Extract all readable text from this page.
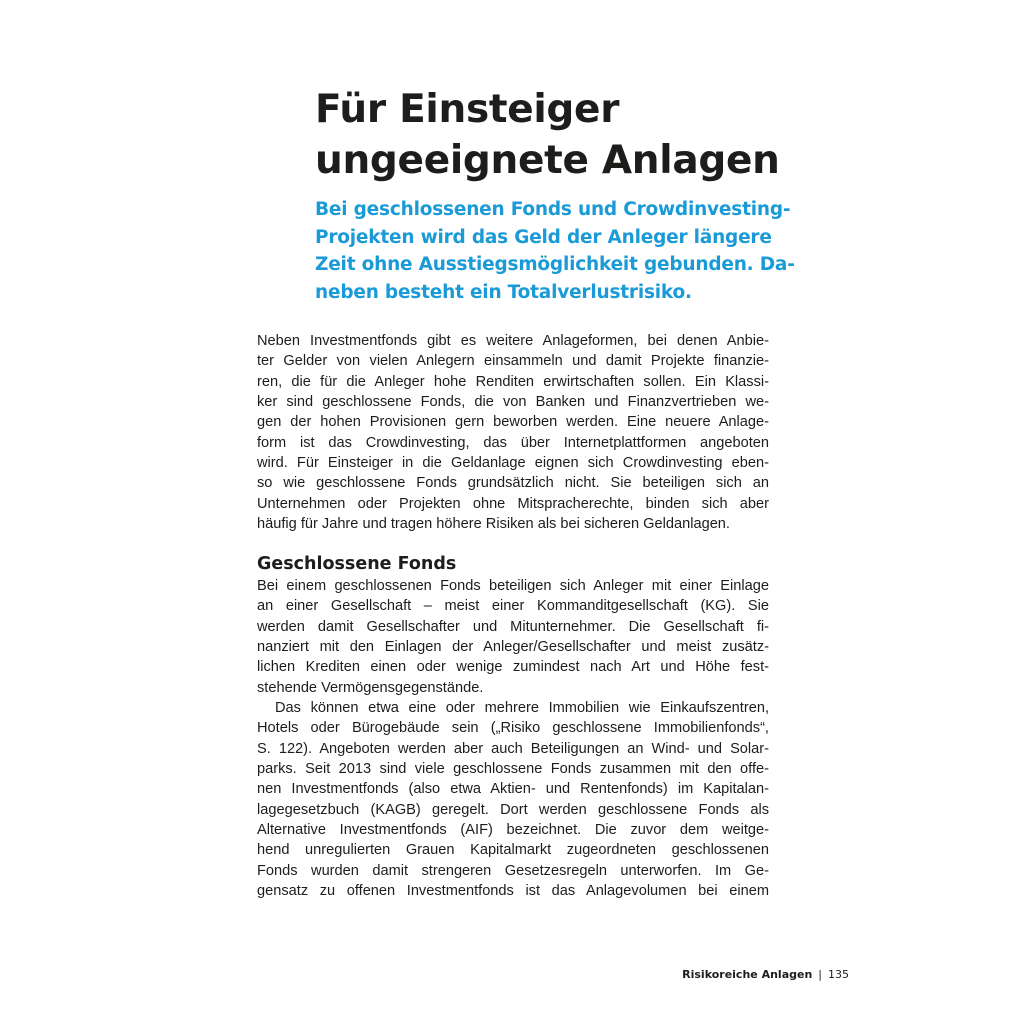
Für Einsteiger
ungeeignete Anlagen

Bei geschlossenen Fonds und Crowdinvesting-
Projekten wird das Geld der Anleger längere
Zeit ohne Ausstiegsmöglichkeit gebunden. Da-
neben besteht ein Totalverlustrisiko.

Neben Investmentfonds gibt es weitere Anlageformen, bei denen Anbie-
ter Gelder von vielen Anlegern einsammeln und damit Projekte finanzie-
ren, die für die Anleger hohe Renditen erwirtschaften sollen. Ein Klassi-
ker sind geschlossene Fonds, die von Banken und Finanzvertrieben we-
gen der hohen Provisionen gern beworben werden. Eine neuere Anlage-
form ist das Crowdinvesting, das über Internetplattformen angeboten
wird. Für Einsteiger in die Geldanlage eignen sich Crowdinvesting eben-
so wie geschlossene Fonds grundsätzlich nicht. Sie beteiligen sich an
Unternehmen oder Projekten ohne Mitspracherechte, binden sich aber
häufig für Jahre und tragen höhere Risiken als bei sicheren Geldanlagen.

Geschlossene Fonds

Bei einem geschlossenen Fonds beteiligen sich Anleger mit einer Einlage
an einer Gesellschaft – meist einer Kommanditgesellschaft (KG). Sie
werden damit Gesellschafter und Mitunternehmer. Die Gesellschaft fi-
nanziert mit den Einlagen der Anleger/Gesellschafter und meist zusätz-
lichen Krediten einen oder wenige zumindest nach Art und Höhe fest-
stehende Vermögensgegenstände.
Das können etwa eine oder mehrere Immobilien wie Einkaufszentren,
Hotels oder Bürogebäude sein („Risiko geschlossene Immobilienfonds“,
S. 122). Angeboten werden aber auch Beteiligungen an Wind- und Solar-
parks. Seit 2013 sind viele geschlossene Fonds zusammen mit den offe-
nen Investmentfonds (also etwa Aktien- und Rentenfonds) im Kapitalan-
lagegesetzbuch (KAGB) geregelt. Dort werden geschlossene Fonds als
Alternative Investmentfonds (AIF) bezeichnet. Die zuvor dem weitge-
hend unregulierten Grauen Kapitalmarkt zugeordneten geschlossenen
Fonds wurden damit strengeren Gesetzesregeln unterworfen. Im Ge-
gensatz zu offenen Investmentfonds ist das Anlagevolumen bei einem

Risikoreiche Anlagen | 135
